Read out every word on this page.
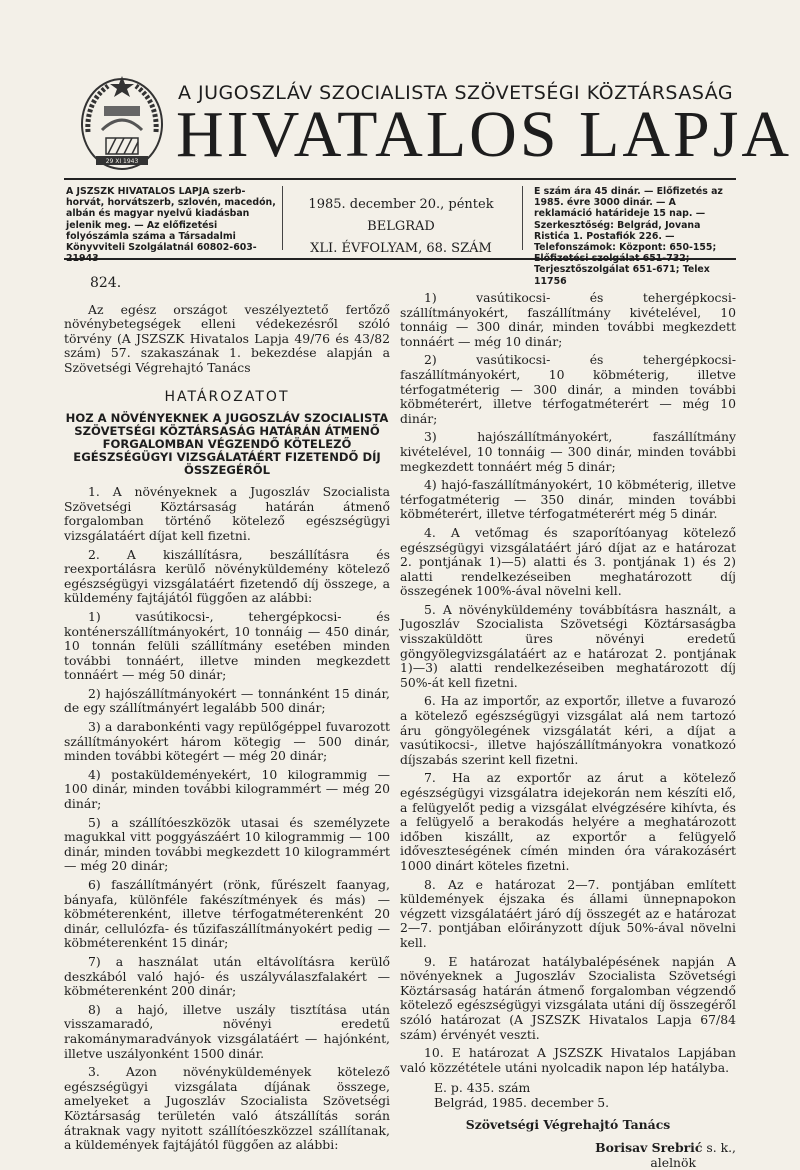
29 XI 1943
A JUGOSZLÁV SZOCIALISTA SZÖVETSÉGI KÖZTÁRSASÁG
HIVATALOS LAPJA
A JSZSZK HIVATALOS LAPJA szerb-horvát, horvátszerb, szlovén, macedón, albán és magyar nyelvű kiadásban jelenik meg. — Az előfizetési folyószámla száma a Társadalmi Könyvviteli Szolgálatnál 60802-603-21943
1985. december 20., péntek
BELGRAD
XLI. ÉVFOLYAM, 68. SZÁM
E szám ára 45 dinár. — Előfizetés az 1985. évre 3000 dinár. — A reklamáció határideje 15 nap. — Szerkesztőség: Belgrád, Jovana Ristića 1. Postafiók 226. — Telefonszámok: Központ: 650-155; Előfizetési szolgálat 651-732; Terjesztőszolgálat 651-671; Telex 11756
824.

Az egész országot veszélyeztető fertőző növénybetegségek elleni védekezésről szóló törvény (A JSZSZK Hivatalos Lapja 49/76 és 43/82 szám) 57. szakaszának 1. bekezdése alapján a Szövetségi Végrehajtó Tanács

HATÁROZATOT
HOZ A NÖVÉNYEKNEK A JUGOSZLÁV SZOCIALISTA SZÖVETSÉGI KÖZTÁRSASÁG HATÁRÁN ÁTMENŐ FORGALOMBAN VÉGZENDŐ KÖTELEZŐ EGÉSZSÉGÜGYI VIZSGÁLATÁÉRT FIZETENDŐ DÍJ ÖSSZEGÉRŐL

1. A növényeknek a Jugoszláv Szocialista Szövetségi Köztársaság határán átmenő forgalomban történő kötelező egészségügyi vizsgálatáért díjat kell fizetni.

2. A kiszállításra, beszállításra és reexportálásra kerülő növényküldemény kötelező egészségügyi vizsgálatáért fizetendő díj összege, a küldemény fajtájától függően az alábbi:

1) vasútikocsi-, tehergépkocsi- és konténerszállítmányokért, 10 tonnáig — 450 dinár, 10 tonnán felüli szállítmány esetében minden további tonnáért, illetve minden megkezdett tonnáért — még 50 dinár;

2) hajószállítmányokért — tonnánként 15 dinár, de egy szállítmányért legalább 500 dinár;

3) a darabonkénti vagy repülőgéppel fuvarozott szállítmányokért három kötegig — 500 dinár, minden további kötegért — még 20 dinár;

4) postaküldeményekért, 10 kilogrammig — 100 dinár, minden további kilogrammért — még 20 dinár;

5) a szállítóeszközök utasai és személyzete magukkal vitt poggyászáért 10 kilogrammig — 100 dinár, minden további megkezdett 10 kilogrammért — még 20 dinár;

6) faszállítmányért (rönk, fűrészelt faanyag, bányafa, különféle fakészítmények és más) — köbméterenként, illetve térfogatméterenként 20 dinár, cellulózfa- és tűzifaszállítmányokért pedig — köbméterenként 15 dinár;

7) a használat után eltávolításra kerülő deszkából való hajó- és uszályválaszfalakért — köbméterenként 200 dinár;

8) a hajó, illetve uszály tisztítása után visszamaradó, növényi eredetű rakománymaradványok vizsgálatáért — hajónként, illetve uszályonként 1500 dinár.

3. Azon növényküldemények kötelező egészségügyi vizsgálata díjának összege, amelyeket a Jugoszláv Szocialista Szövetségi Köztársaság területén való átszállítás során átraknak vagy nyitott szállítóeszközzel szállítanak, a küldemények fajtájától függően az alábbi:

1) vasútikocsi- és tehergépkocsi-szállítmányokért, faszállítmány kivételével, 10 tonnáig — 300 dinár, minden további megkezdett tonnáért — még 10 dinár;

2) vasútikocsi- és tehergépkocsi-faszállítmányokért, 10 köbméterig, illetve térfogatméterig — 300 dinár, a minden további köbméterért, illetve térfogatméterért — még 10 dinár;

3) hajószállítmányokért, faszállítmány kivételével, 10 tonnáig — 300 dinár, minden további megkezdett tonnáért még 5 dinár;

4) hajó-faszállítmányokért, 10 köbméterig, illetve térfogatméterig — 350 dinár, minden további köbméterért, illetve térfogatméterért még 5 dinár.

4. A vetőmag és szaporítóanyag kötelező egészségügyi vizsgálatáért járó díjat az e határozat 2. pontjának 1)—5) alatti és 3. pontjának 1) és 2) alatti rendelkezéseiben meghatározott díj összegének 100%-ával növelni kell.

5. A növényküldemény továbbításra használt, a Jugoszláv Szocialista Szövetségi Köztársaságba visszaküldött üres növényi eredetű göngyölegvizsgálatáért az e határozat 2. pontjának 1)—3) alatti rendelkezéseiben meghatározott díj 50%-át kell fizetni.

6. Ha az importőr, az exportőr, illetve a fuvarozó a kötelező egészségügyi vizsgálat alá nem tartozó áru göngyölegének vizsgálatát kéri, a díjat a vasútikocsi-, illetve hajószállítmányokra vonatkozó díjszabás szerint kell fizetni.

7. Ha az exportőr az árut a kötelező egészségügyi vizsgálatra idejekorán nem készíti elő, a felügyelőt pedig a vizsgálat elvégzésére kihívta, és a felügyelő a berakodás helyére a meghatározott időben kiszállt, az exportőr a felügyelő időveszteségének címén minden óra várakozásért 1000 dinárt köteles fizetni.

8. Az e határozat 2—7. pontjában említett küldemények éjszaka és állami ünnepnapokon végzett vizsgálatáért járó díj összegét az e határozat 2—7. pontjában előirányzott díjuk 50%-ával növelni kell.

9. E határozat hatálybalépésének napján A növényeknek a Jugoszláv Szocialista Szövetségi Köztársaság határán átmenő forgalomban végzendő kötelező egészségügyi vizsgálata utáni díj összegéről szóló határozat (A JSZSZK Hivatalos Lapja 67/84 szám) érvényét veszti.

10. E határozat A JSZSZK Hivatalos Lapjában való közzététele utáni nyolcadik napon lép hatályba.

E. p. 435. szám

Belgrád, 1985. december 5.

Szövetségi Végrehajtó Tanács
Borisav Srebrić s. k.,
alelnök
